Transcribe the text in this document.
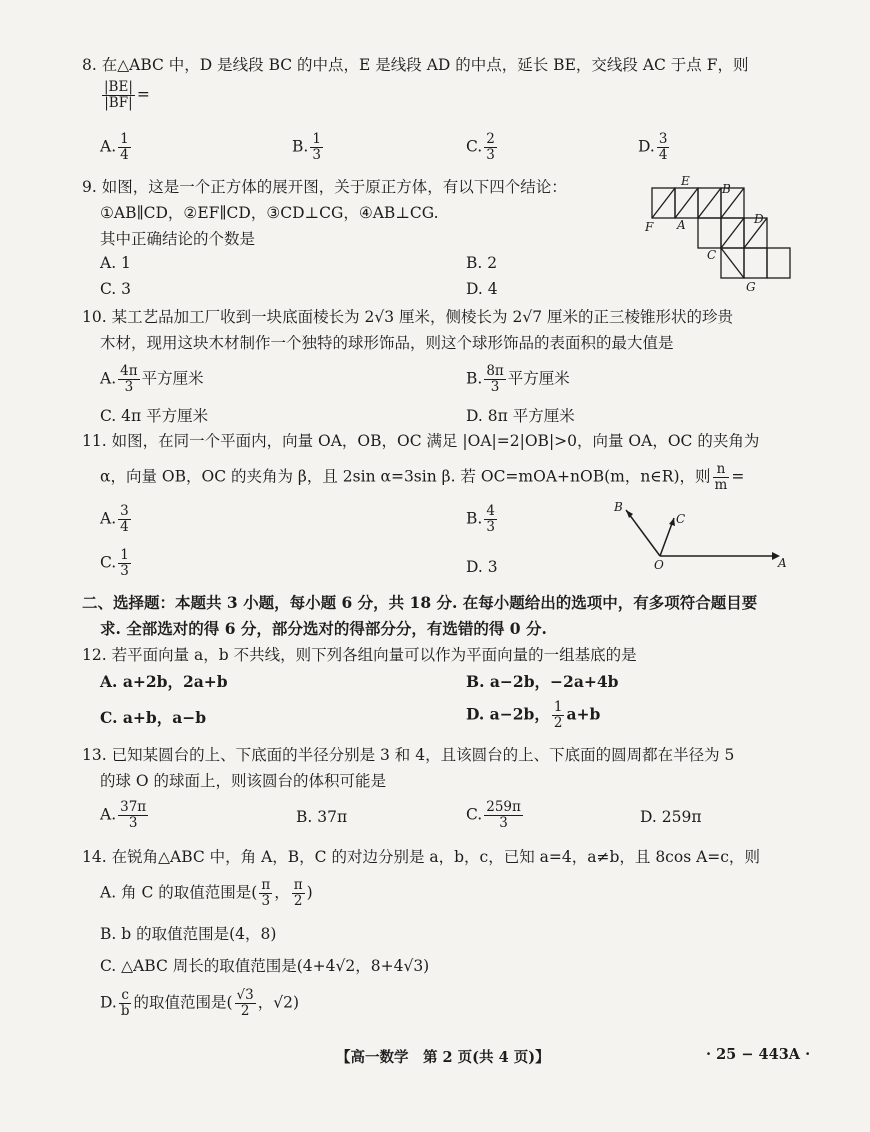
8. 在△ABC 中，D 是线段 BC 的中点，E 是线段 AD 的中点，延长 BE，交线段 AC 于点 F，则
$\frac{|BE|}{|BF|}$ =
A. $\frac{1}{4}$	B. $\frac{1}{3}$	C. $\frac{2}{3}$	D. $\frac{3}{4}$
9. 如图，这是一个正方体的展开图，关于原正方体，有以下四个结论：
①AB∥CD，②EF∥CD，③CD⊥CG，④AB⊥CG.
其中正确结论的个数是
A. 1	B. 2
C. 3	D. 4
E
B
F A	D
C
G
10. 某工艺品加工厂收到一块底面棱长为 2√3 厘米，侧棱长为 2√7 厘米的正三棱锥形状的珍贵
木材，现用这块木材制作一个独特的球形饰品，则这个球形饰品的表面积的最大值是
A. $\frac{4\pi}{3}$ 平方厘米	B. $\frac{8\pi}{3}$ 平方厘米
C. 4π 平方厘米	D. 8π 平方厘米
11. 如图，在同一个平面内，向量 OA，OB，OC 满足 |OA|=2|OB|>0，向量 OA，OC 的夹角为
α，向量 OB，OC 的夹角为 β，且 2sin α=3sin β. 若 OC=mOA+nOB(m，n∈R)，则 $\frac{n}{m}$ =
A. $\frac{3}{4}$	B. $\frac{4}{3}$
C. $\frac{1}{3}$	D. 3
B
C
O	A
二、选择题：本题共 3 小题，每小题 6 分，共 18 分. 在每小题给出的选项中，有多项符合题目要
求. 全部选对的得 6 分，部分选对的得部分分，有选错的得 0 分.
12. 若平面向量 a，b 不共线，则下列各组向量可以作为平面向量的一组基底的是
A. a+2b，2a+b	B. a−2b，−2a+4b
C. a+b，a−b	D. a−2b， $\frac{1}{2} a+b$
13. 已知某圆台的上、下底面的半径分别是 3 和 4，且该圆台的上、下底面的圆周都在半径为 5
的球 O 的球面上，则该圆台的体积可能是
A. $\frac{37\pi}{3}$	B. 37π	C. $\frac{259\pi}{3}$	D. 259π
14. 在锐角△ABC 中，角 A，B，C 的对边分别是 a，b，c，已知 a=4，a≠b，且 8cos A=c，则
A. 角 C 的取值范围是( $\frac{\pi}{3}$ ， $\frac{\pi}{2}$ )
B. b 的取值范围是(4，8)
C. △ABC 周长的取值范围是(4+4√2，8+4√3)
D. $\frac{c}{b}$ 的取值范围是( $\frac{√3}{2}$ ，√2)
【高一数学　第 2 页(共 4 页)】	· 25 − 443A ·
